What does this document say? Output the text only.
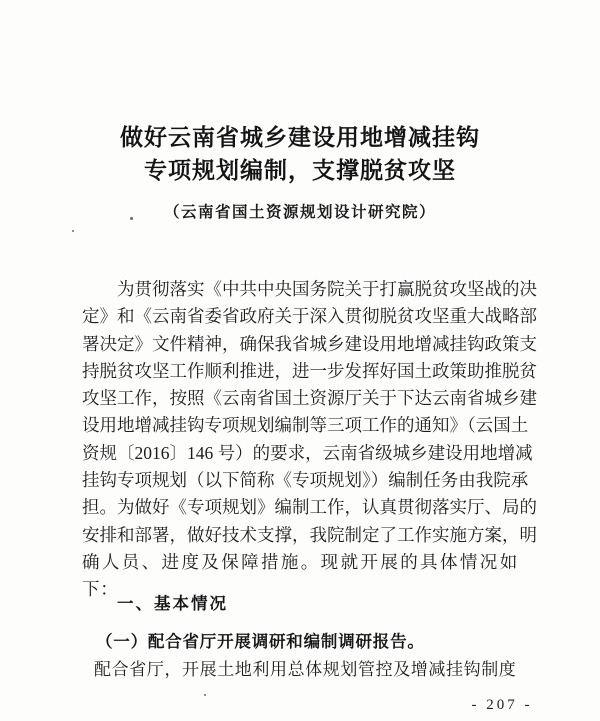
做好云南省城乡建设用地增减挂钩
专项规划编制，支撑脱贫攻坚
（云南省国土资源规划设计研究院）
为贯彻落实《中共中央国务院关于打赢脱贫攻坚战的决
定》和《云南省委省政府关于深入贯彻脱贫攻坚重大战略部
署决定》文件精神，确保我省城乡建设用地增减挂钩政策支
持脱贫攻坚工作顺利推进，进一步发挥好国土政策助推脱贫
攻坚工作，按照《云南省国土资源厅关于下达云南省城乡建
设用地增减挂钩专项规划编制等三项工作的通知》（云国土
资规〔2016〕146 号）的要求，云南省级城乡建设用地增减
挂钩专项规划（以下简称《专项规划》）编制任务由我院承
担。为做好《专项规划》编制工作，认真贯彻落实厅、局的
安排和部署，做好技术支撑，我院制定了工作实施方案，明
确人员、进度及保障措施。现就开展的具体情况如下：
一、基本情况
（一）配合省厅开展调研和编制调研报告。
配合省厅，开展土地利用总体规划管控及增减挂钩制度
- 207 -
